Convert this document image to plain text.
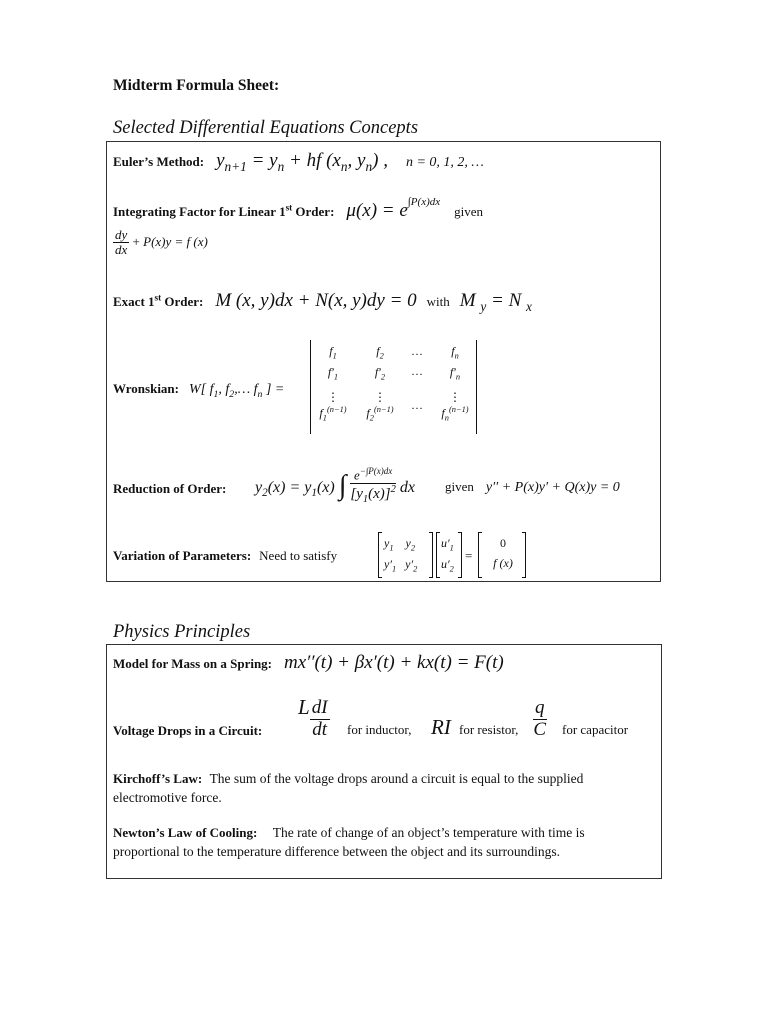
Midterm Formula Sheet:
Selected Differential Equations Concepts
Euler’s Method: $y_{n+1} = y_n$ + hf ($x_n$, $y_n$) , n = 0, 1, 2, …
Integrating Factor for Linear 1st Order: $\mu(x) = e^{\int P(x)dx}$ given
$\frac{dy}{dx} + P(x)y = f$ (x)
Exact 1st Order: M (x, y)dx + N(x, y)dy = 0 with M $_y$ = N $_x$
Wronskian: W[ $f_1$, $f_2,\dots$ $f_n$ ] =
$f_1$
$f'_1$
⋮
$f_1^{(n-1)}$
$f_2$
$f'_2$
⋮
$f_2^{(n-1)}$
…
…

…
$f_n$
$f'_n$
⋮
$f_n^{(n-1)}$
Reduction of Order: $y_2(x) = y_1(x)$ ∫ $\frac{e^{-\int P(x)dx}}{[y_1(x)]^2}$ dx given y′′ + P(x)y′ + Q(x)y = 0
Variation of Parameters: Need to satisfy
$y_1$    $y_2$
$y'_1$   $y'_2$
$u'_1$
$u'_2$
=
0
f (x)
Physics Principles
Model for Mass on a Spring: mx′′(t) + βx′(t) + kx(t) = F(t)
Voltage Drops in a Circuit:
L $\frac{dI}{dt}$ for inductor, RI for resistor, $\frac{q}{C}$ for capacitor
Kirchoff’s Law: The sum of the voltage drops around a circuit is equal to the supplied electromotive force.
Newton’s Law of Cooling: The rate of change of an object’s temperature with time is proportional to the temperature difference between the object and its surroundings.
